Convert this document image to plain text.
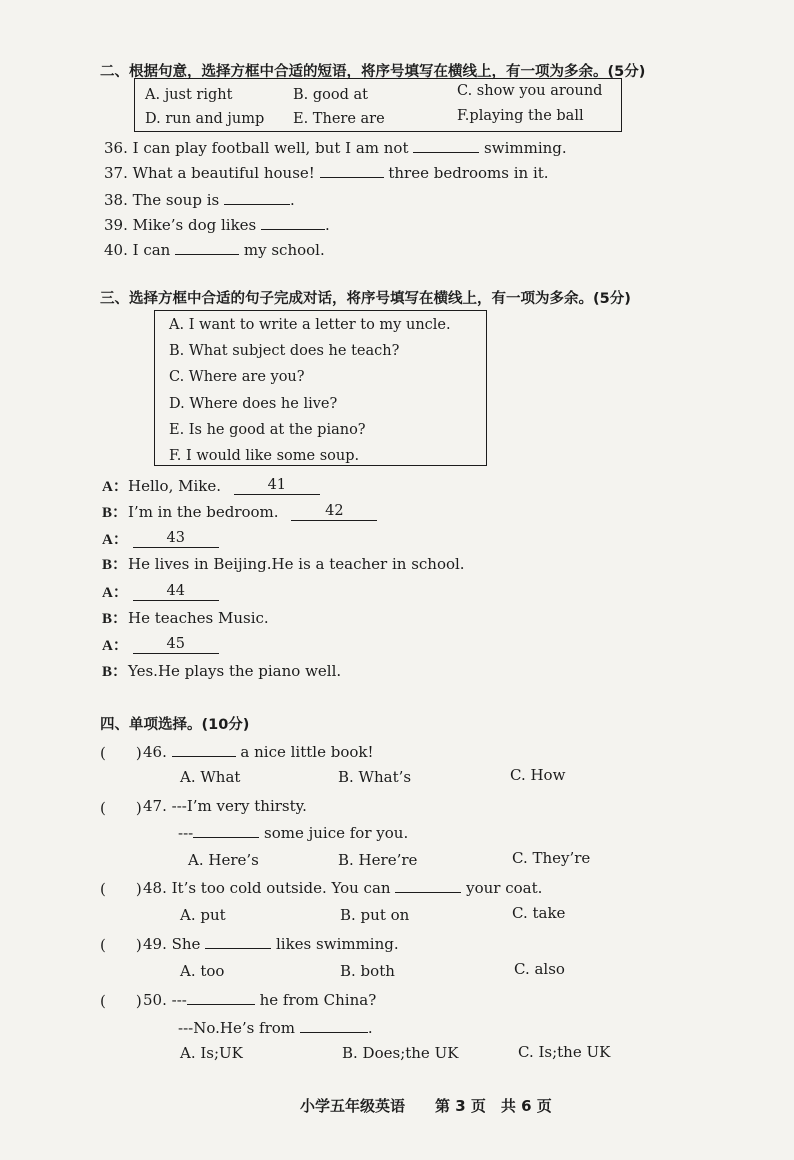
二、根据句意，选择方框中合适的短语，将序号填写在横线上，有一项为多余。(5分)
A. just right	B. good at	C. show you around
D. run and jump E. There are	F.playing the ball
36. I can play football well, but I am not	swimming.
37. What a beautiful house!	three bedrooms in it.
38. The soup is	.
39. Mike’s dog likes	.
40. I can	my school.
三、选择方框中合适的句子完成对话，将序号填写在横线上，有一项为多余。(5分)
A. I want to write a letter to my uncle.
B. What subject does he teach?
C. Where are you?
D. Where does he live?
E. Is he good at the piano?
F. I would like some soup.
A：Hello, Mike.	41
B：I’m in the bedroom.	42
A：	43
B：He lives in Beijing.He is a teacher in school.
A：	44
B：He teaches Music.
A：	45
B：Yes.He plays the piano well.
四、单项选择。(10分)
(　　) 46.	a nice little book!
A. What	B. What’s	C. How
(　　) 47. ---I’m very thirsty.
---	some juice for you.
A. Here’s	B. Here’re	C. They’re
(　　) 48. It’s too cold outside. You can	your coat.
A. put	B. put on	C. take
(　　) 49. She	likes swimming.
A. too	B. both	C. also
(　　) 50. ---	he from China?
---No.He’s from	.
A. Is;UK	B. Does;the UK	C. Is;the UK
小学五年级英语　　第 3 页　共 6 页
